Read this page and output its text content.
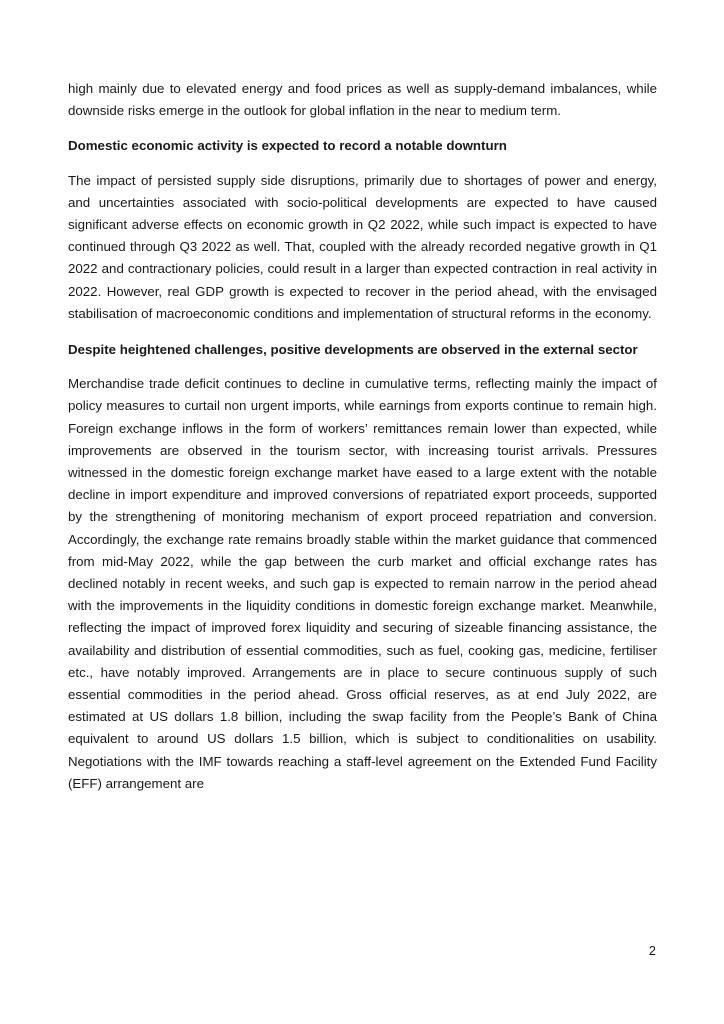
high mainly due to elevated energy and food prices as well as supply-demand imbalances, while downside risks emerge in the outlook for global inflation in the near to medium term.

Domestic economic activity is expected to record a notable downturn

The impact of persisted supply side disruptions, primarily due to shortages of power and energy, and uncertainties associated with socio-political developments are expected to have caused significant adverse effects on economic growth in Q2 2022, while such impact is expected to have continued through Q3 2022 as well. That, coupled with the already recorded negative growth in Q1 2022 and contractionary policies, could result in a larger than expected contraction in real activity in 2022. However, real GDP growth is expected to recover in the period ahead, with the envisaged stabilisation of macroeconomic conditions and implementation of structural reforms in the economy.

Despite heightened challenges, positive developments are observed in the external sector

Merchandise trade deficit continues to decline in cumulative terms, reflecting mainly the impact of policy measures to curtail non urgent imports, while earnings from exports continue to remain high. Foreign exchange inflows in the form of workers’ remittances remain lower than expected, while improvements are observed in the tourism sector, with increasing tourist arrivals. Pressures witnessed in the domestic foreign exchange market have eased to a large extent with the notable decline in import expenditure and improved conversions of repatriated export proceeds, supported by the strengthening of monitoring mechanism of export proceed repatriation and conversion. Accordingly, the exchange rate remains broadly stable within the market guidance that commenced from mid-May 2022, while the gap between the curb market and official exchange rates has declined notably in recent weeks, and such gap is expected to remain narrow in the period ahead with the improvements in the liquidity conditions in domestic foreign exchange market. Meanwhile, reflecting the impact of improved forex liquidity and securing of sizeable financing assistance, the availability and distribution of essential commodities, such as fuel, cooking gas, medicine, fertiliser etc., have notably improved. Arrangements are in place to secure continuous supply of such essential commodities in the period ahead. Gross official reserves, as at end July 2022, are estimated at US dollars 1.8 billion, including the swap facility from the People’s Bank of China equivalent to around US dollars 1.5 billion, which is subject to conditionalities on usability. Negotiations with the IMF towards reaching a staff-level agreement on the Extended Fund Facility (EFF) arrangement are

2
